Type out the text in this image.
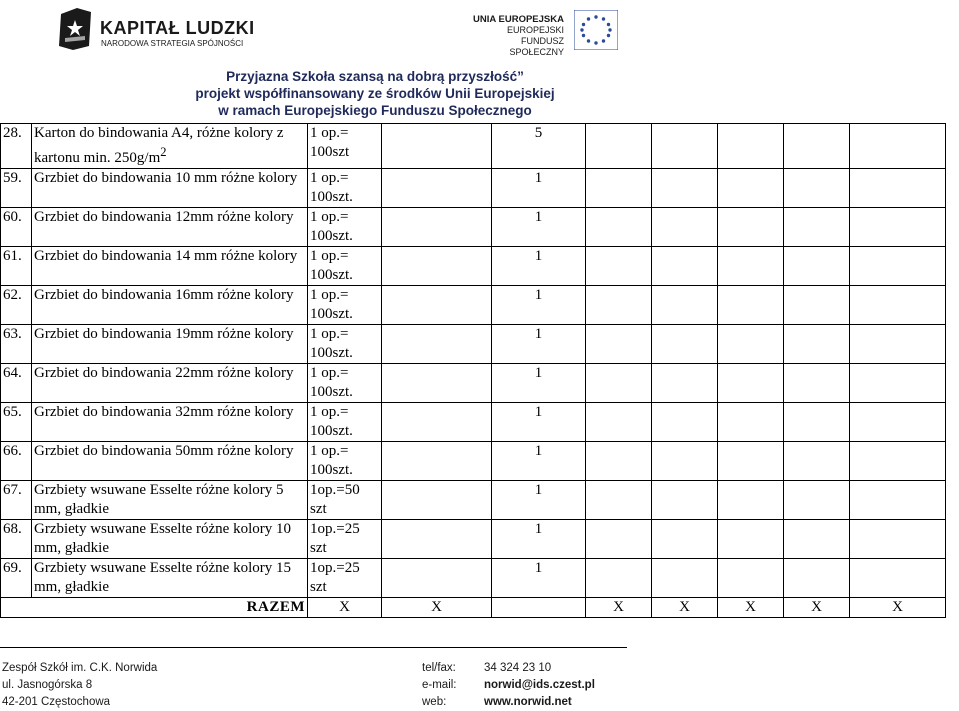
KAPITAŁ LUDZKI
NARODOWA STRATEGIA SPÓJNOŚCI
UNIA EUROPEJSKA
EUROPEJSKI
FUNDUSZ SPOŁECZNY
Przyjazna Szkoła szansą na dobrą przyszłość”
projekt współfinansowany ze środków Unii Europejskiej
w ramach Europejskiego Funduszu Społecznego
28.	Karton do bindowania A4, różne kolory z kartonu min. $250g/m^2$	1 op.= 100szt		5					
59.	Grzbiet do bindowania 10 mm różne kolory	1 op.= 100szt.		1					
60.	Grzbiet do bindowania 12mm różne kolory	1 op.= 100szt.		1					
61.	Grzbiet do bindowania 14 mm różne kolory	1 op.= 100szt.		1					
62.	Grzbiet do bindowania 16mm różne kolory	1 op.= 100szt.		1					
63.	Grzbiet do bindowania 19mm różne kolory	1 op.= 100szt.		1					
64.	Grzbiet do bindowania 22mm różne kolory	1 op.= 100szt.		1					
65.	Grzbiet do bindowania 32mm różne kolory	1 op.= 100szt.		1					
66.	Grzbiet do bindowania 50mm różne kolory	1 op.= 100szt.		1					
67.	Grzbiety wsuwane Esselte różne kolory 5 mm, gładkie	1op.=50 szt		1					
68.	Grzbiety wsuwane Esselte różne kolory 10 mm, gładkie	1op.=25 szt		1					
69.	Grzbiety wsuwane Esselte różne kolory 15 mm, gładkie	1op.=25 szt		1					
RAZEM		X	X		X	X	X	X	X
Zespół Szkół im. C.K. Norwida
ul. Jasnogórska 8
42-201 Częstochowa
tel/fax:	34 324 23 10
e-mail:	norwid@ids.czest.pl
web:	www.norwid.net
